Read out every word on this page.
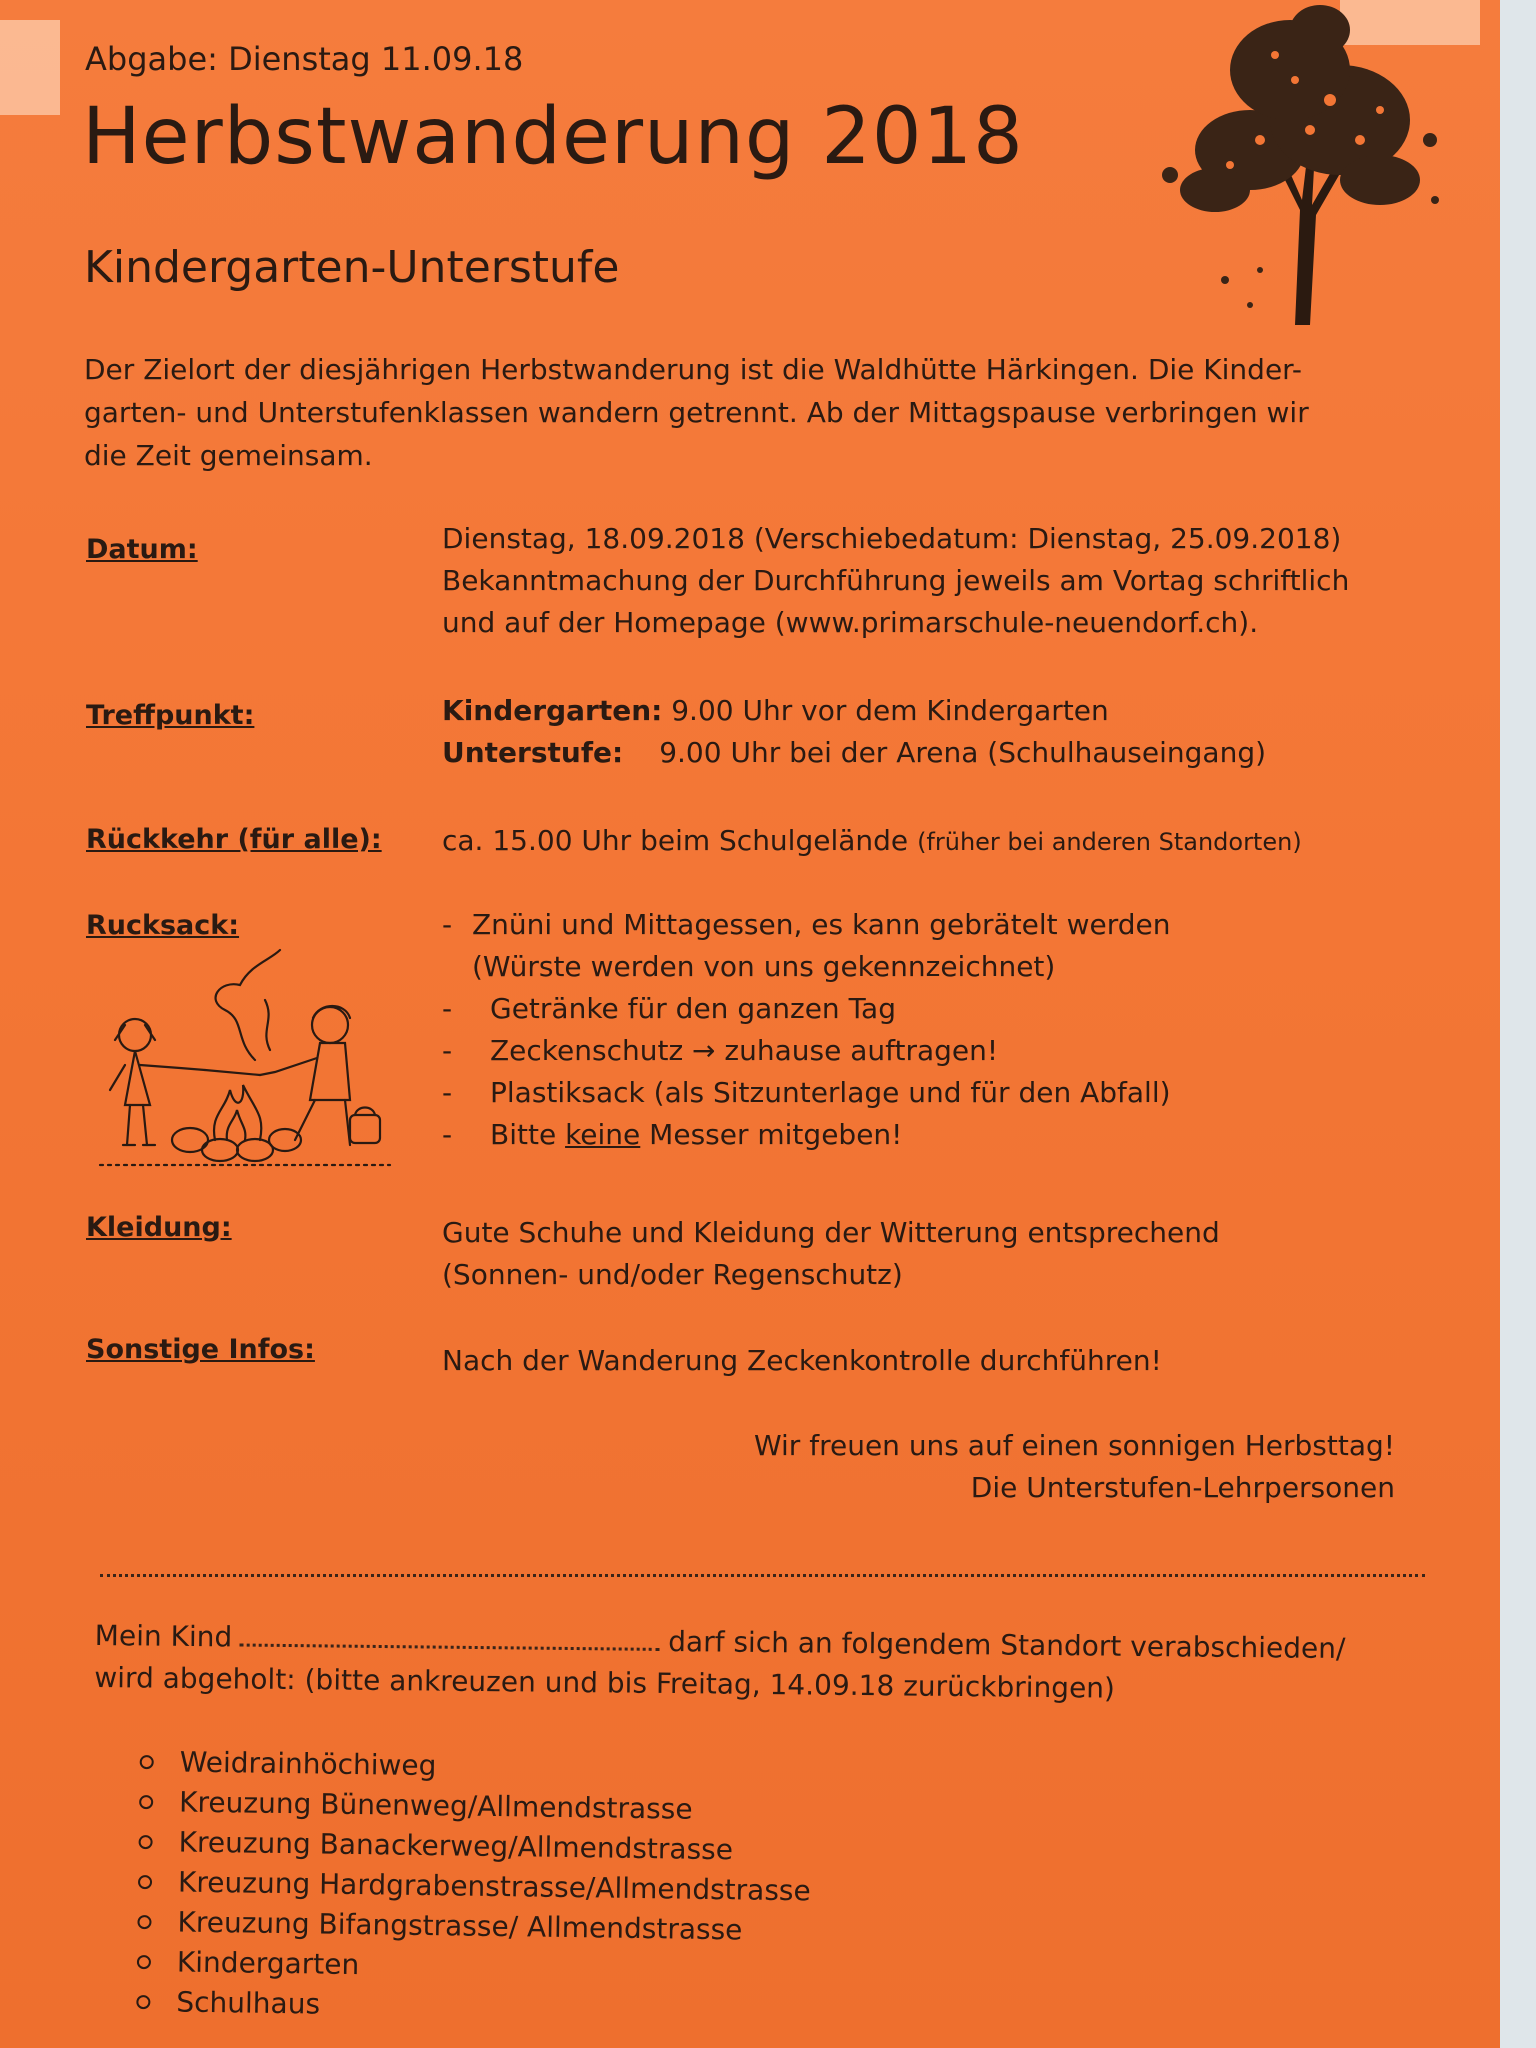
Abgabe: Dienstag 11.09.18
Herbstwanderung 2018
Kindergarten-Unterstufe
Der Zielort der diesjährigen Herbstwanderung ist die Waldhütte Härkingen. Die Kinder-
garten- und Unterstufenklassen wandern getrennt. Ab der Mittagspause verbringen wir
die Zeit gemeinsam.
Datum:	Dienstag, 18.09.2018 (Verschiebedatum: Dienstag, 25.09.2018)
Bekanntmachung der Durchführung jeweils am Vortag schriftlich
und auf der Homepage (www.primarschule-neuendorf.ch).
Treffpunkt:	Kindergarten: 9.00 Uhr vor dem Kindergarten
Unterstufe: 9.00 Uhr bei der Arena (Schulhauseingang)
Rückkehr (für alle): ca. 15.00 Uhr beim Schulgelände (früher bei anderen Standorten)
Rucksack:	- Znüni und Mittagessen, es kann gebrätelt werden
(Würste werden von uns gekennzeichnet)
-	Getränke für den ganzen Tag
-	Zeckenschutz → zuhause auftragen!
-	Plastiksack (als Sitzunterlage und für den Abfall)
-	Bitte keine Messer mitgeben!
Kleidung:	Gute Schuhe und Kleidung der Witterung entsprechend
(Sonnen- und/oder Regenschutz)
Sonstige Infos:	Nach der Wanderung Zeckenkontrolle durchführen!
Wir freuen uns auf einen sonnigen Herbsttag!
Die Unterstufen-Lehrpersonen
Mein Kind	darf sich an folgendem Standort verabschieden/
wird abgeholt: (bitte ankreuzen und bis Freitag, 14.09.18 zurückbringen)
Weidrainhöchiweg
Kreuzung Bünenweg/Allmendstrasse
Kreuzung Banackerweg/Allmendstrasse
Kreuzung Hardgrabenstrasse/Allmendstrasse
Kreuzung Bifangstrasse/ Allmendstrasse
Kindergarten
Schulhaus
